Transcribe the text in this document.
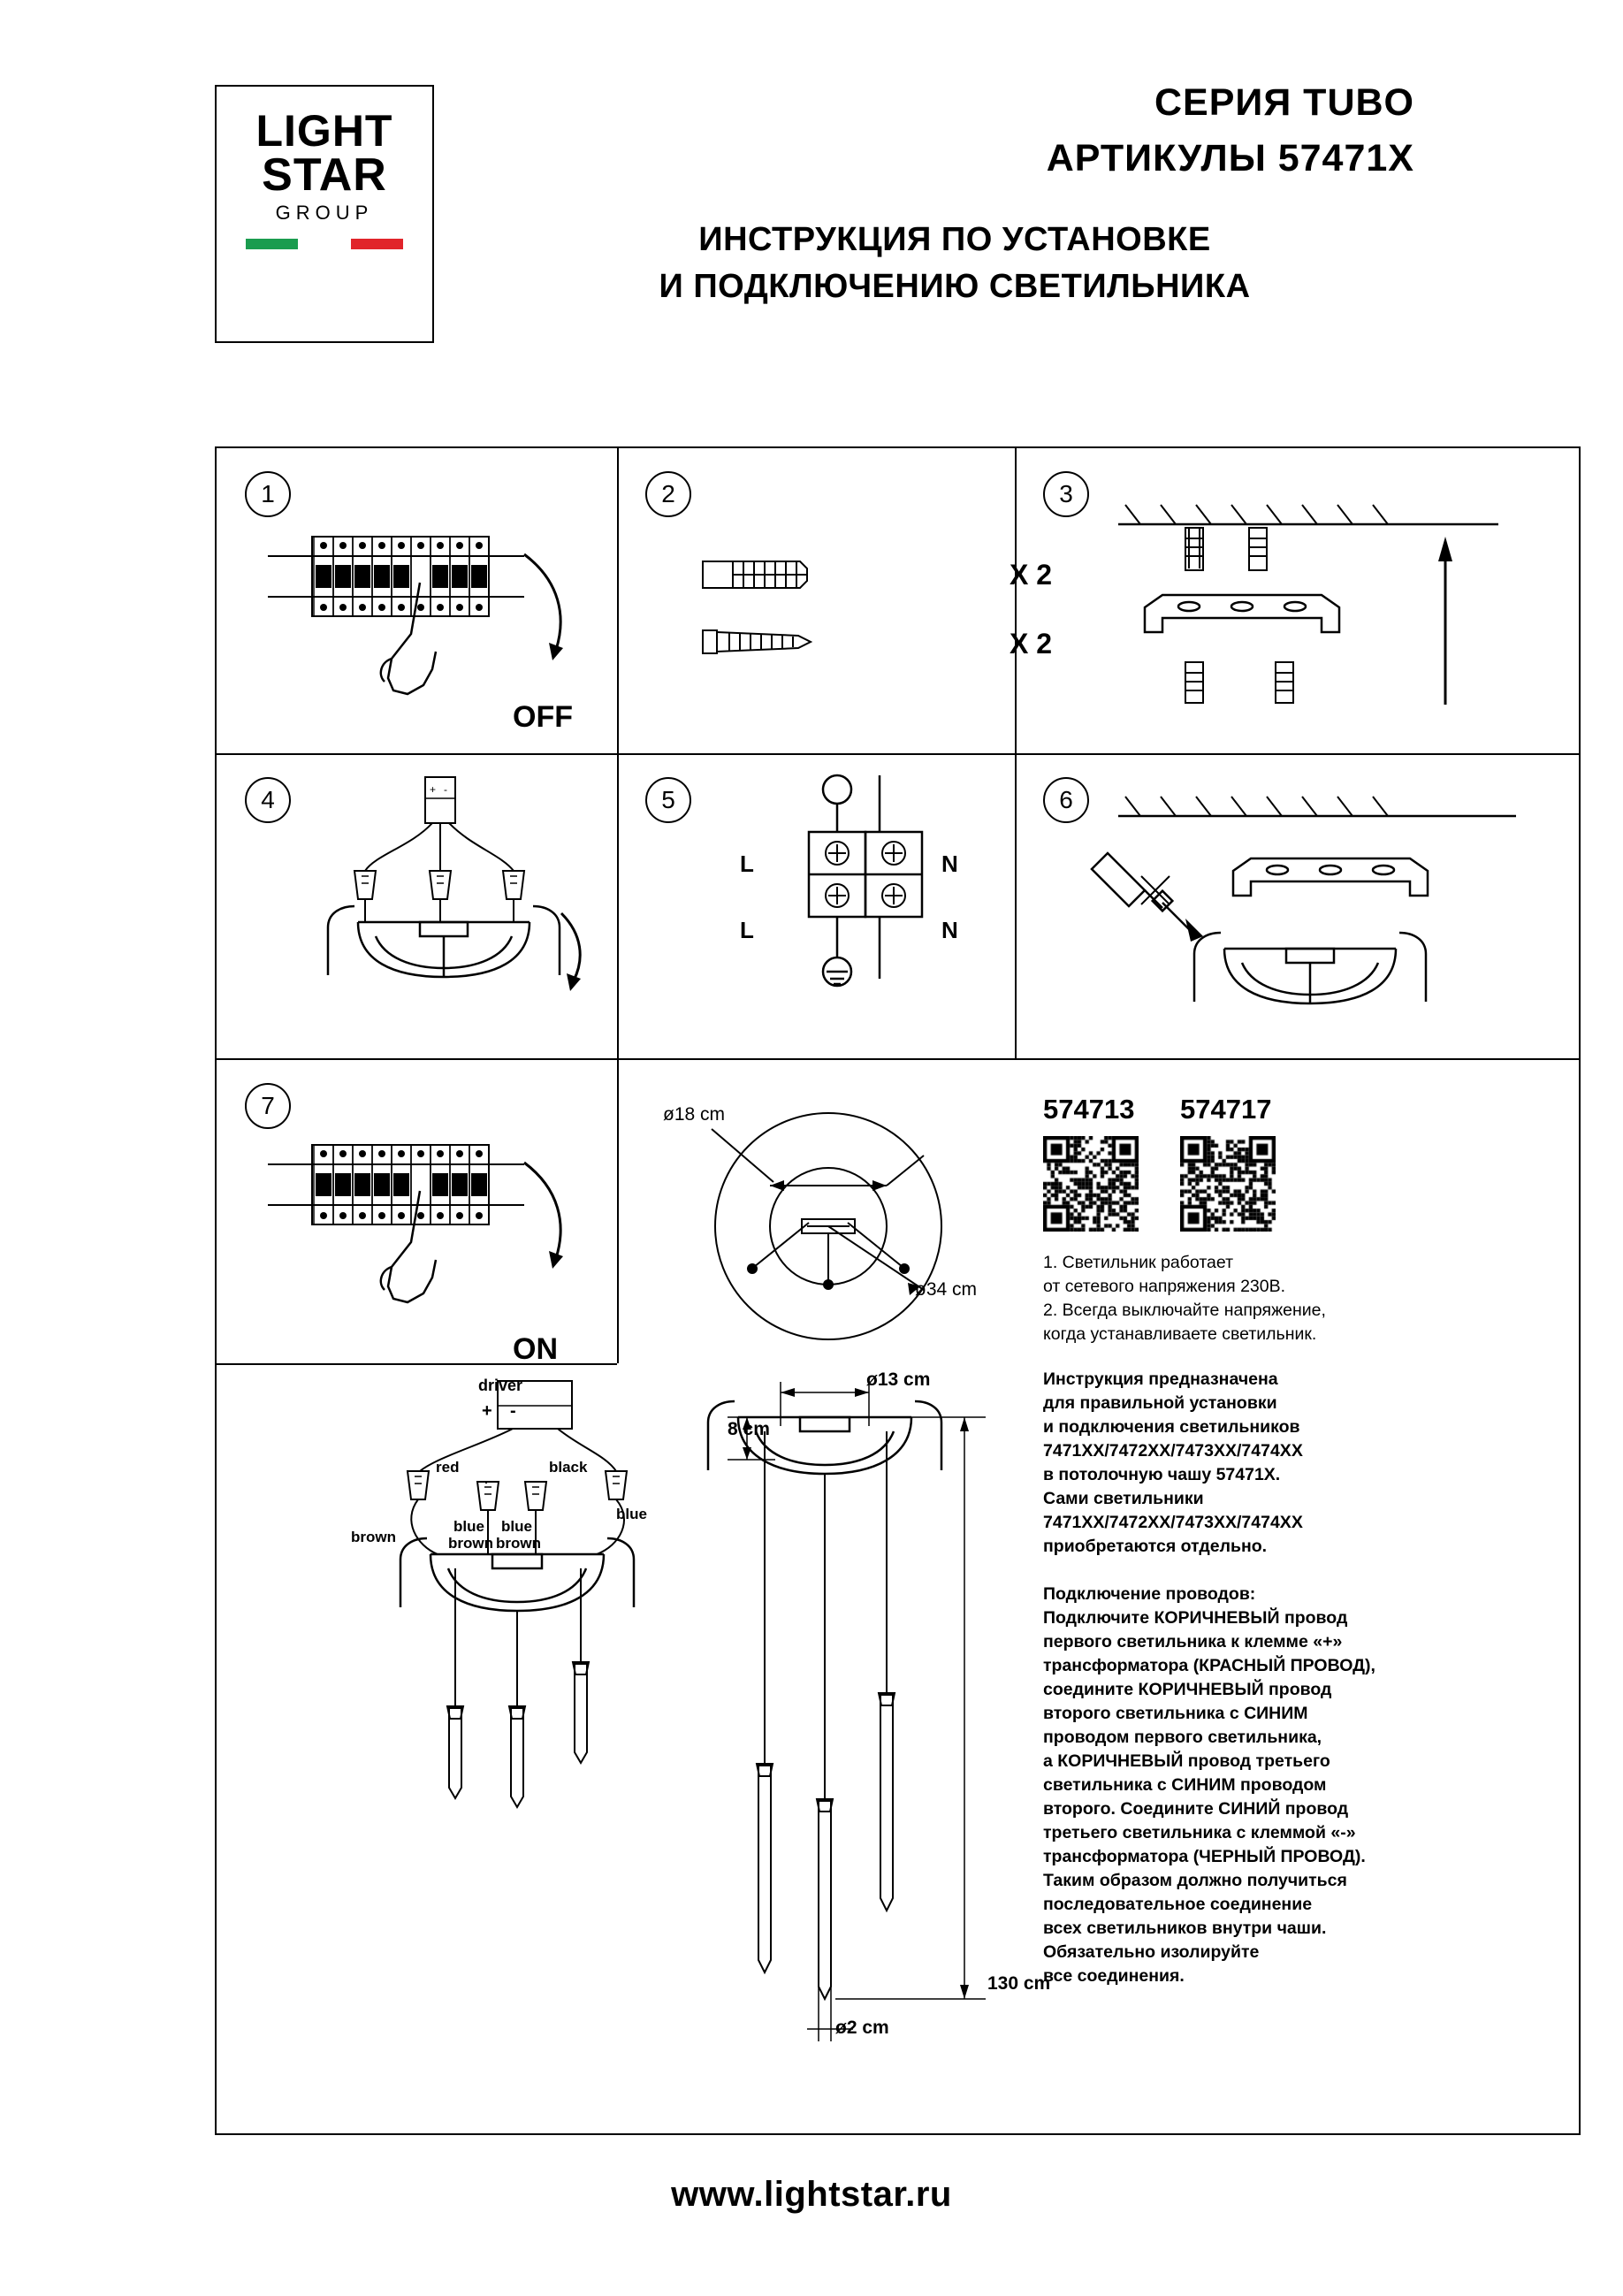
LIGHT
STAR
GROUP
СЕРИЯ TUBO
АРТИКУЛЫ 57471X
ИНСТРУКЦИЯ ПО УСТАНОВКЕ
И ПОДКЛЮЧЕНИЮ СВЕТИЛЬНИКА
1
OFF
2
X 2
X 2
3
4	+ -	5
L
L
N
N
6
7
ON
ø18 cm
ø34 cm
574713 574717
1. Светильник работает
от сетевого напряжения 230В.
2. Всегда выключайте напряжение,
когда устанавливаете светильник.
Инструкция предназначена
для правильной установки
и подключения светильников
7471XX/7472XX/7473XX/7474XX
в потолочную чашу 57471X.
Сами светильники
7471XX/7472XX/7473XX/7474XX
приобретаются отдельно.
Подключение проводов:
Подключите КОРИЧНЕВЫЙ провод
первого светильника к клемме «+»
трансформатора (КРАСНЫЙ ПРОВОД),
соедините КОРИЧНЕВЫЙ провод
второго светильника с СИНИМ
проводом первого светильника,
а КОРИЧНЕВЫЙ провод третьего
светильника с СИНИМ проводом
второго. Соедините СИНИЙ провод
третьего светильника с клеммой «-»
трансформатора (ЧЕРНЫЙ ПРОВОД).
Таким образом должно получиться
последовательное соединение
всех светильников внутри чаши.
Обязательно изолируйте
все соединения.
driver
+ -
red	black
brown
blue
blue
brown
blue
brown
ø13 cm
8 cm
130 cm
ø2 cm
www.lightstar.ru
